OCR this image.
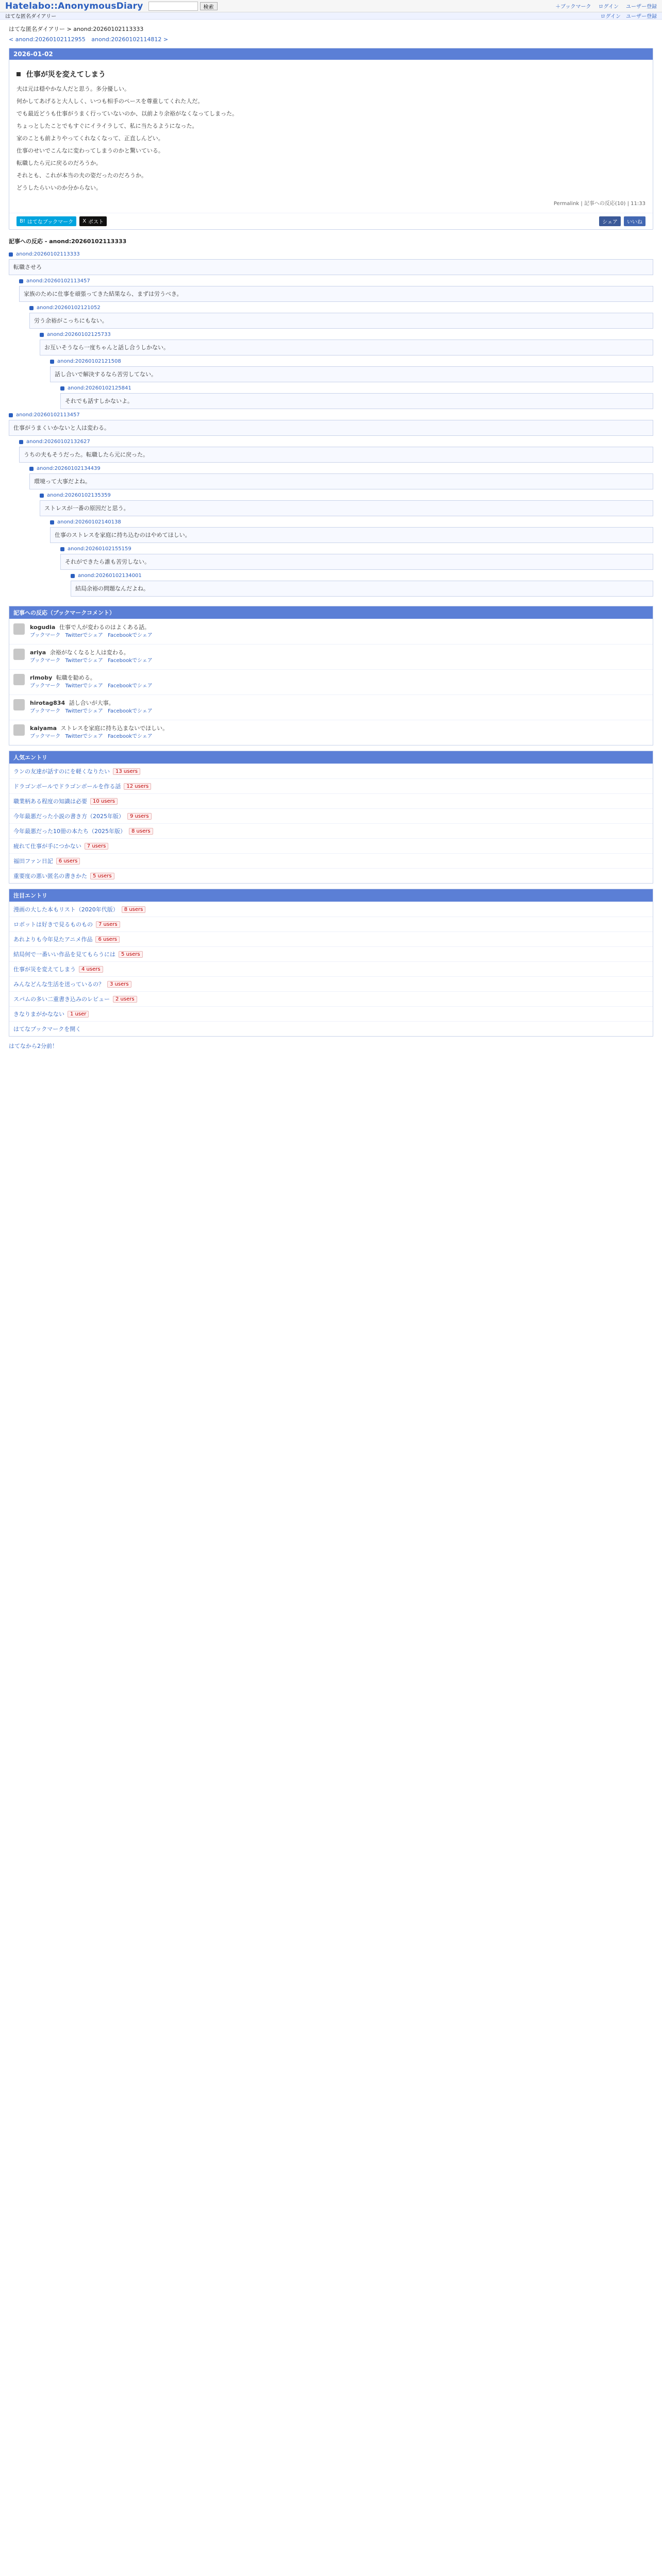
Hatelabo::AnonymousDiary	検索	＋ブックマーク ログイン ユーザー登録
はてな匿名ダイアリー	ログイン ユーザー登録
はてな匿名ダイアリー > anond:20260102113333
< anond:20260102112955 anond:20260102114812 >
2026-01-02
仕事が災を変えてしまう

夫は元は穏やかな人だと思う。多分優しい。

何かしてあげると大人しく、いつも相手のペースを尊重してくれた人だ。

でも最近どうも仕事がうまく行っていないのか、以前より余裕がなくなってしまった。

ちょっとしたことでもすぐにイライラして、私に当たるようになった。

家のことも前よりやってくれなくなって、正直しんどい。

仕事のせいでこんなに変わってしまうのかと驚いている。

転職したら元に戻るのだろうか。

それとも、これが本当の夫の姿だったのだろうか。

どうしたらいいのか分からない。

Permalink | 記事への反応(10) | 11:33
B! はてなブックマーク X ポスト	シェア	いいね
記事への反応 - anond:20260102113333
anond:20260102113333
転職させろ
anond:20260102113457
家族のために仕事を頑張ってきた結果なら、まずは労うべき。
anond:20260102121052
労う余裕がこっちにもない。
anond:20260102125733
お互いそうなら一度ちゃんと話し合うしかない。
anond:20260102121508
話し合いで解決するなら苦労してない。
anond:20260102125841
それでも話すしかないよ。
anond:20260102113457
仕事がうまくいかないと人は変わる。
anond:20260102132627
うちの夫もそうだった。転職したら元に戻った。
anond:20260102134439
環境って大事だよね。
anond:20260102135359
ストレスが一番の原因だと思う。
anond:20260102140138
仕事のストレスを家庭に持ち込むのはやめてほしい。
anond:20260102155159
それができたら誰も苦労しない。
anond:20260102134001
結局余裕の問題なんだよね。
記事への反応（ブックマークコメント）
kogudia 仕事で人が変わるのはよくある話。
ブックマーク Twitterでシェア Facebookでシェア
ariya 余裕がなくなると人は変わる。
ブックマーク Twitterでシェア Facebookでシェア
rlmoby 転職を勧める。
ブックマーク Twitterでシェア Facebookでシェア
hirotag834 話し合いが大事。
ブックマーク Twitterでシェア Facebookでシェア
kaiyama ストレスを家庭に持ち込まないでほしい。
ブックマーク Twitterでシェア Facebookでシェア
人気エントリ
ランの友達が話すのにを軽くなりたい	13 users
ドラゴンボールでドラゴンボールを作る話	12 users
職業柄ある程度の知識は必要	10 users
今年最悪だった小説の書き方（2025年版）	9 users
今年最悪だった10冊の本たち（2025年版）	8 users
疲れて仕事が手につかない	7 users
福田ファン日記	6 users
重要度の悪い匿名の書きかた	5 users
注目エントリ
漫画の大した本もリスト（2020年代版）	8 users
ロボットは好きで見るものもの	7 users
あれよりも今年見たアニメ作品	6 users
結局何で一番いい作品を見てもらうには	5 users
仕事が災を変えてしまう	4 users
みんなどんな生活を送っているの？	3 users
スパムの多い二重書き込みのレビュー	2 users
きなりまがかなない	1 user
はてなブックマークを開く
はてなから2分前！
